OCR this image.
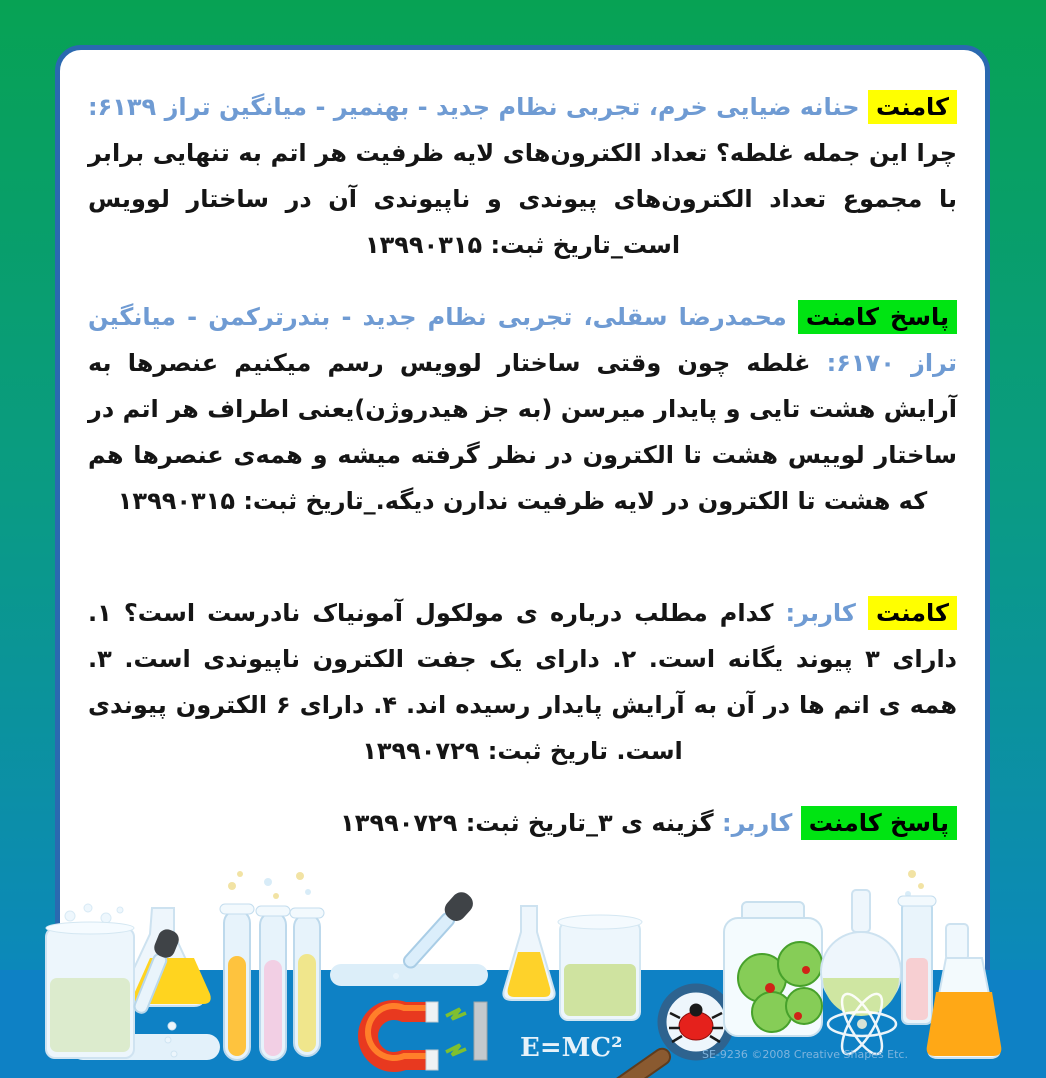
کامنت حنانه ضیایی خرم، تجربی نظام جدید - بهنمیر - میانگین تراز ۶۱۳۹: چرا این جمله غلطه؟ تعداد الکترون‌های لایه ظرفیت هر اتم به تنهایی برابر با مجموع تعداد الکترون‌های پیوندی و ناپیوندی آن در ساختار لوویس است_تاریخ ثبت: ۱۳۹۹۰۳۱۵

پاسخ کامنت محمدرضا سقلی، تجربی نظام جدید - بندرترکمن - میانگین تراز ۶۱۷۰: غلطه چون وقتی ساختار لوویس رسم میکنیم عنصرها به آرایش هشت تایی و پایدار میرسن (به جز هیدروژن)یعنی اطراف هر اتم در ساختار لوییس هشت تا الکترون در نظر گرفته میشه و همه‌ی عنصرها هم که هشت تا الکترون در لایه ظرفیت ندارن دیگه._تاریخ ثبت: ۱۳۹۹۰۳۱۵

کامنت کاربر: کدام مطلب درباره ی مولکول آمونیاک نادرست است؟ ۱. دارای ۳ پیوند یگانه است. ۲. دارای یک جفت الکترون ناپیوندی است. ۳. همه ی اتم ها در آن به آرایش پایدار رسیده اند. ۴. دارای ۶ الکترون پیوندی است. تاریخ ثبت: ۱۳۹۹۰۷۲۹

پاسخ کامنت کاربر: گزینه ی ۳_تاریخ ثبت: ۱۳۹۹۰۷۲۹

E=MC²	SE-9236 ©2008 Creative Shapes Etc.
